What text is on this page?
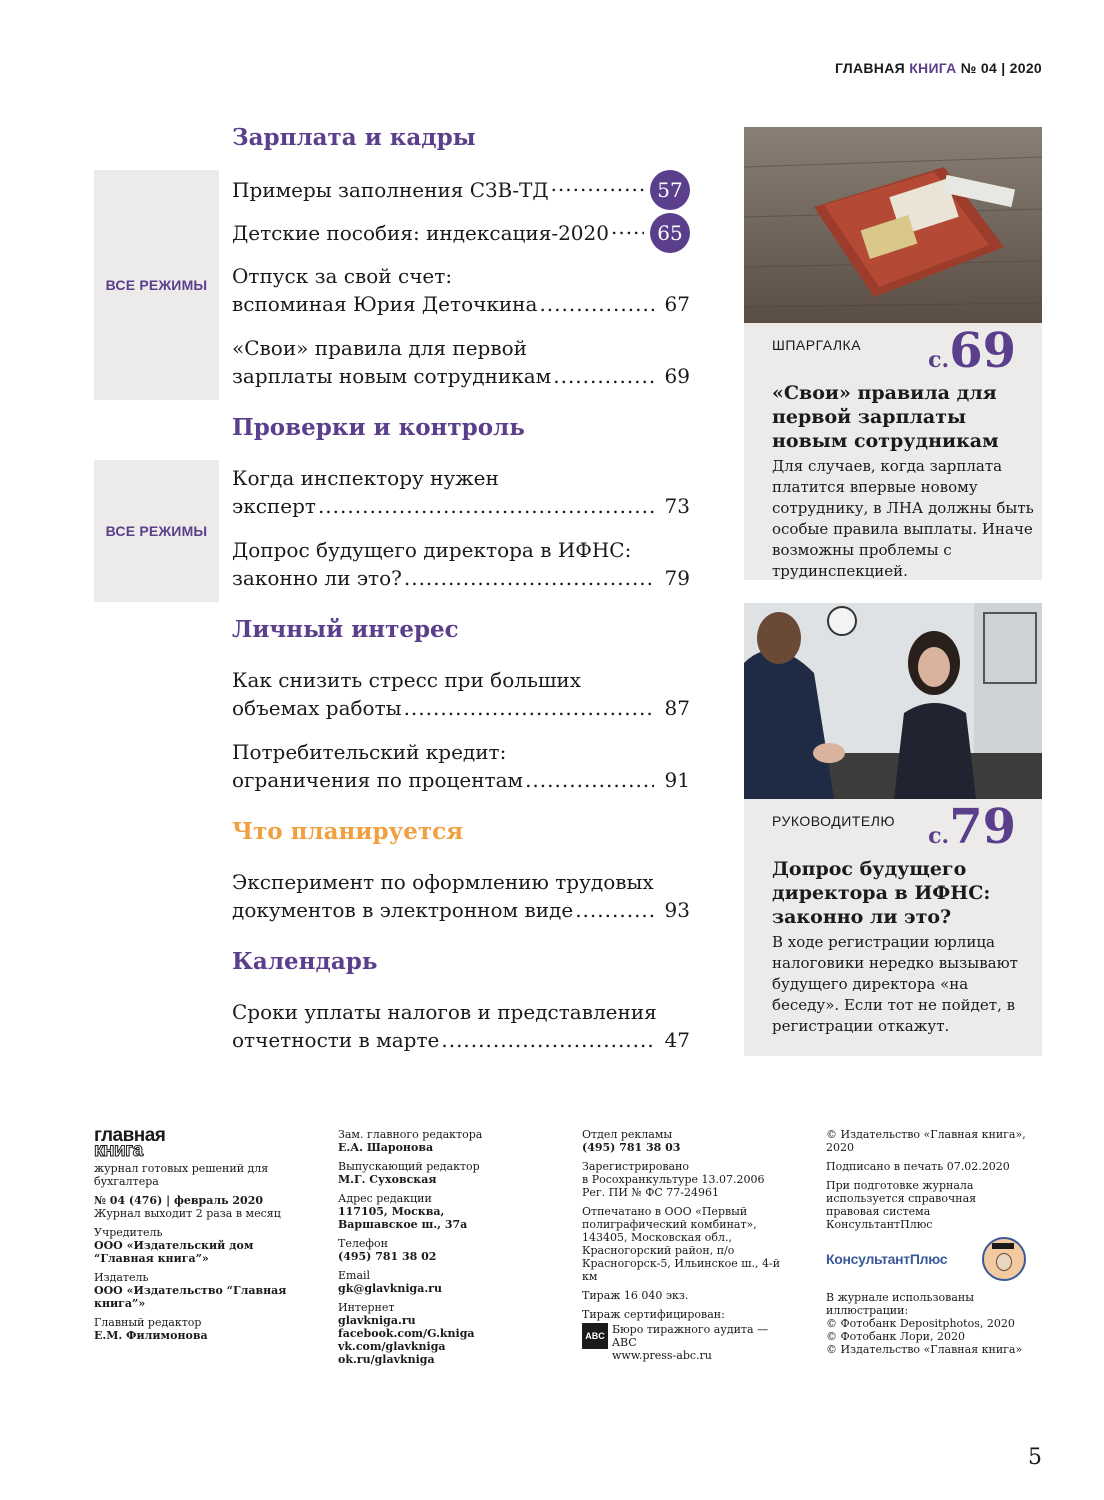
ГЛАВНАЯ КНИГА № 04 | 2020
Зарплата и кадры
ВСЕ РЕЖИМЫ
Примеры заполнения СЗВ-ТД .....	57
Детские пособия: индексация-2020 .....	65
Отпуск за свой счет:
вспоминая Юрия Деточкина .....	67
«Свои» правила для первой
зарплаты новым сотрудникам .....	69
Проверки и контроль
ВСЕ РЕЖИМЫ
Когда инспектору нужен
эксперт .....	73
Допрос будущего директора в ИФНС:
законно ли это? .....	79
Личный интерес
Как снизить стресс при больших
объемах работы .....	87
Потребительский кредит:
ограничения по процентам .....	91
Что планируется
Эксперимент по оформлению трудовых
документов в электронном виде .....	93
Календарь
Сроки уплаты налогов и представления
отчетности в марте .....	47
ШПАРГАЛКА
с.69
«Свои» правила для первой зарплаты новым сотрудникам
Для случаев, когда зарплата платится впервые новому сотруднику, в ЛНА должны быть особые правила выплаты. Иначе возможны проблемы с трудинспекцией.
РУКОВОДИТЕЛЮ
с.79
Допрос будущего директора в ИФНС: законно ли это?
В ходе регистрации юрлица налоговики нередко вызывают будущего директора «на беседу». Если тот не пойдет, в регистрации откажут.
главная
книга
журнал готовых решений для бухгалтера
№ 04 (476) | февраль 2020
Журнал выходит 2 раза в месяц
Учредитель
ООО «Издательский дом “Главная книга”»
Издатель
ООО «Издательство “Главная книга”»
Главный редактор
Е.М. Филимонова
Зам. главного редактора
Е.А. Шаронова
Выпускающий редактор
М.Г. Суховская
Адрес редакции
117105, Москва,
Варшавское ш., 37а
Телефон
(495) 781 38 02
Email
gk@glavkniga.ru
Интернет
glavkniga.ru
facebook.com/G.kniga
vk.com/glavkniga
ok.ru/glavkniga
Отдел рекламы
(495) 781 38 03
Зарегистрировано
в Росохранкультуре 13.07.2006
Рег. ПИ № ФС 77-24961
Отпечатано в ООО «Первый полиграфический комбинат», 143405, Московская обл., Красногорский район, п/о Красногорск-5, Ильинское ш., 4-й км
Тираж 16 040 экз.
Тираж сертифицирован:
ABC Бюро тиражного аудита — ABC
www.press-abc.ru
© Издательство «Главная книга», 2020
Подписано в печать 07.02.2020
При подготовке журнала используется справочная правовая система КонсультантПлюс
КонсультантПлюс
В журнале использованы иллюстрации:
© Фотобанк Depositphotos, 2020
© Фотобанк Лори, 2020
© Издательство «Главная книга»
5
